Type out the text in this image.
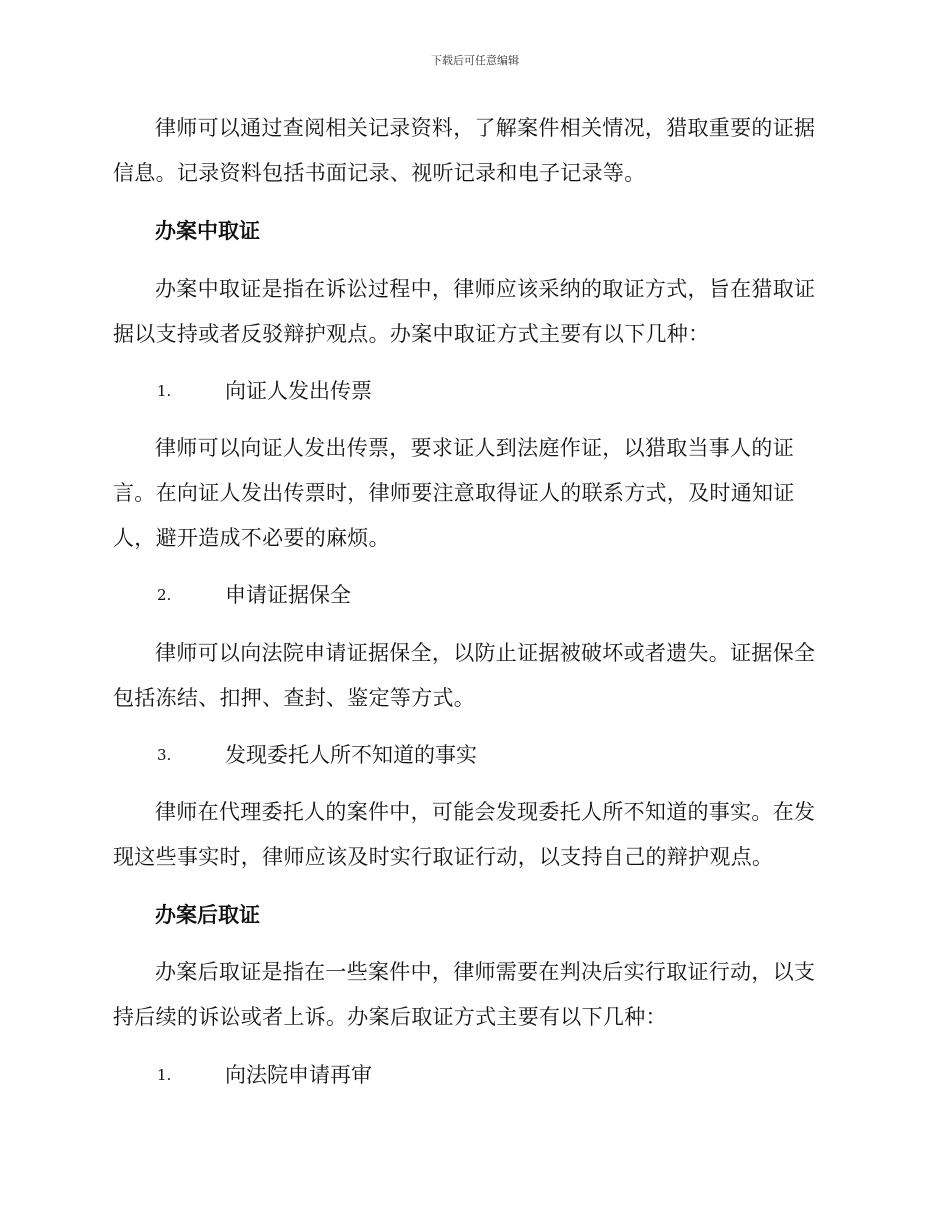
下载后可任意编辑

律师可以通过查阅相关记录资料，了解案件相关情况，猎取重要的证据信息。记录资料包括书面记录、视听记录和电子记录等。

办案中取证

办案中取证是指在诉讼过程中，律师应该采纳的取证方式，旨在猎取证据以支持或者反驳辩护观点。办案中取证方式主要有以下几种：

1.	向证人发出传票

律师可以向证人发出传票，要求证人到法庭作证，以猎取当事人的证言。在向证人发出传票时，律师要注意取得证人的联系方式，及时通知证人，避开造成不必要的麻烦。

2.	申请证据保全

律师可以向法院申请证据保全，以防止证据被破坏或者遗失。证据保全包括冻结、扣押、查封、鉴定等方式。

3.	发现委托人所不知道的事实

律师在代理委托人的案件中，可能会发现委托人所不知道的事实。在发现这些事实时，律师应该及时实行取证行动，以支持自己的辩护观点。

办案后取证

办案后取证是指在一些案件中，律师需要在判决后实行取证行动，以支持后续的诉讼或者上诉。办案后取证方式主要有以下几种：

1.	向法院申请再审
